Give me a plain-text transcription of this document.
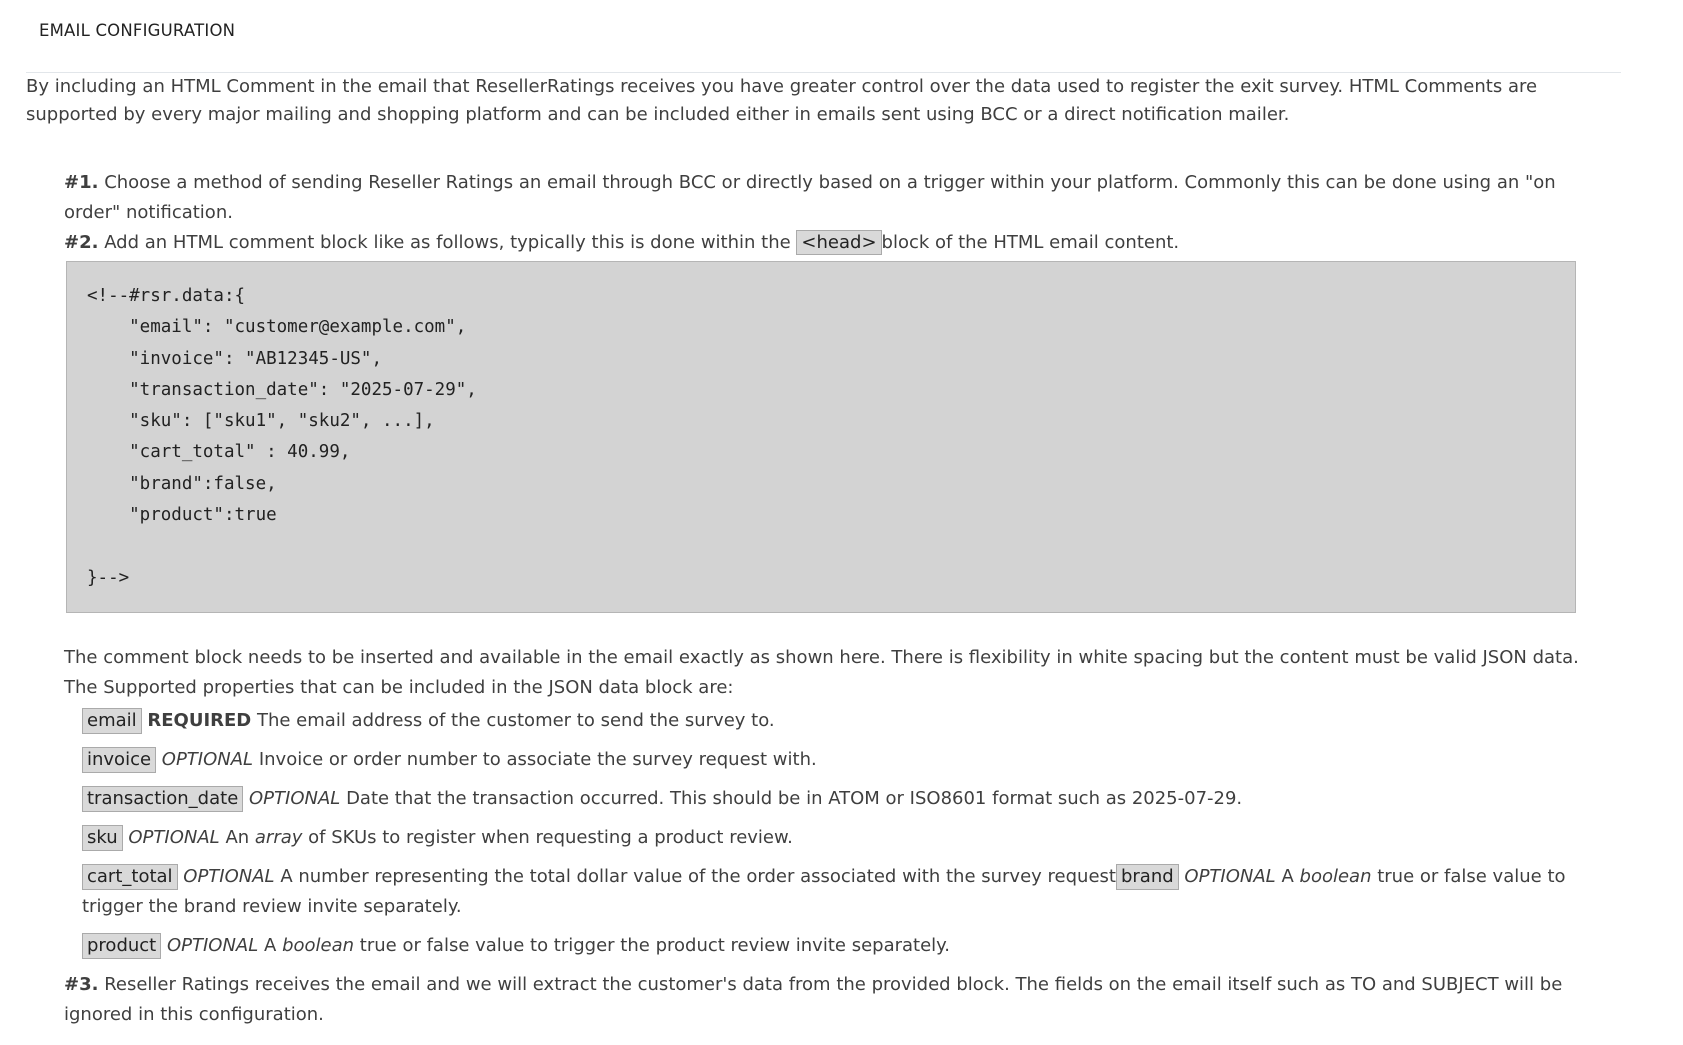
EMAIL CONFIGURATION

By including an HTML Comment in the email that ResellerRatings receives you have greater control over the data used to register the exit survey. HTML Comments are supported by every major mailing and shopping platform and can be included either in emails sent using BCC or a direct notification mailer.

#1. Choose a method of sending Reseller Ratings an email through BCC or directly based on a trigger within your platform. Commonly this can be done using an "on order" notification.

#2. Add an HTML comment block like as follows, typically this is done within the <head> block of the HTML email content.

<!--#rsr.data:{
"email": "customer@example.com",
"invoice": "AB12345-US",
"transaction_date": "2025-07-29",
"sku": ["sku1", "sku2", ...],
"cart_total" : 40.99,
"brand":false,
"product":true

}-->

The comment block needs to be inserted and available in the email exactly as shown here. There is flexibility in white spacing but the content must be valid JSON data.

The Supported properties that can be included in the JSON data block are:

email REQUIRED The email address of the customer to send the survey to.
invoice OPTIONAL Invoice or order number to associate the survey request with.
transaction_date OPTIONAL Date that the transaction occurred. This should be in ATOM or ISO8601 format such as 2025-07-29.
sku OPTIONAL An array of SKUs to register when requesting a product review.
cart_total OPTIONAL A number representing the total dollar value of the order associated with the survey request brand OPTIONAL A boolean true or false value to trigger the brand review invite separately.
product OPTIONAL A boolean true or false value to trigger the product review invite separately.

#3. Reseller Ratings receives the email and we will extract the customer's data from the provided block. The fields on the email itself such as TO and SUBJECT will be ignored in this configuration.
